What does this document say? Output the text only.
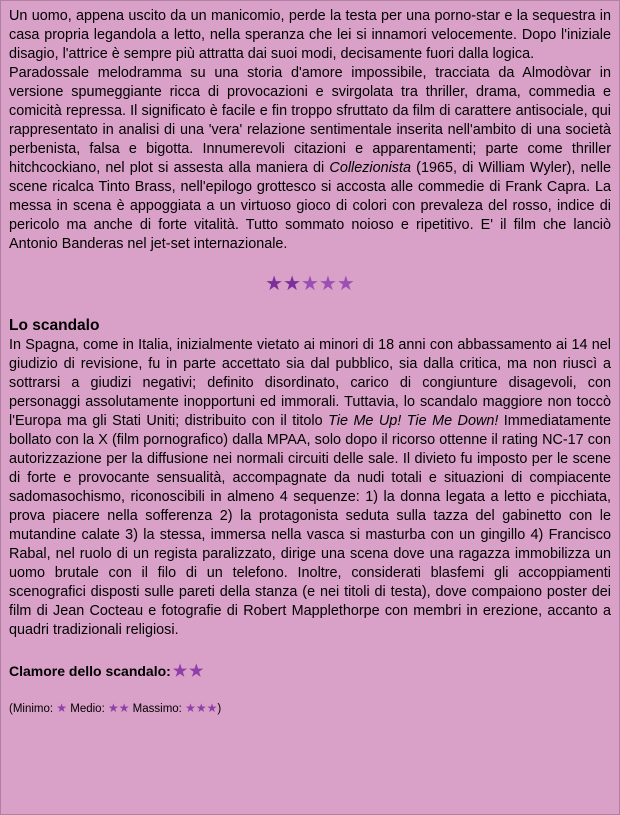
Un uomo, appena uscito da un manicomio, perde la testa per una porno-star e la sequestra in casa propria legandola a letto, nella speranza che lei si innamori velocemente. Dopo l'iniziale disagio, l'attrice è sempre più attratta dai suoi modi, decisamente fuori dalla logica.

Paradossale melodramma su una storia d'amore impossibile, tracciata da Almodòvar in versione spumeggiante ricca di provocazioni e svirgolata tra thriller, drama, commedia e comicità repressa. Il significato è facile e fin troppo sfruttato da film di carattere antisociale, qui rappresentato in analisi di una 'vera' relazione sentimentale inserita nell'ambito di una società perbenista, falsa e bigotta. Innumerevoli citazioni e apparentamenti; parte come thriller hitchcockiano, nel plot si assesta alla maniera di Collezionista (1965, di William Wyler), nelle scene ricalca Tinto Brass, nell'epilogo grottesco si accosta alle commedie di Frank Capra. La messa in scena è appoggiata a un virtuoso gioco di colori con prevaleza del rosso, indice di pericolo ma anche di forte vitalità. Tutto sommato noioso e ripetitivo. E' il film che lanciò Antonio Banderas nel jet-set internazionale.

★★★★★
Lo scandalo

In Spagna, come in Italia, inizialmente vietato ai minori di 18 anni con abbassamento ai 14 nel giudizio di revisione, fu in parte accettato sia dal pubblico, sia dalla critica, ma non riuscì a sottrarsi a giudizi negativi; definito disordinato, carico di congiunture disagevoli, con personaggi assolutamente inopportuni ed immorali. Tuttavia, lo scandalo maggiore non toccò l'Europa ma gli Stati Uniti; distribuito con il titolo Tie Me Up! Tie Me Down! Immediatamente bollato con la X (film pornografico) dalla MPAA, solo dopo il ricorso ottenne il rating NC-17 con autorizzazione per la diffusione nei normali circuiti delle sale. Il divieto fu imposto per le scene di forte e provocante sensualità, accompagnate da nudi totali e situazioni di compiacente sadomasochismo, riconoscibili in almeno 4 sequenze: 1) la donna legata a letto e picchiata, prova piacere nella sofferenza 2) la protagonista seduta sulla tazza del gabinetto con le mutandine calate 3) la stessa, immersa nella vasca si masturba con un gingillo 4) Francisco Rabal, nel ruolo di un regista paralizzato, dirige una scena dove una ragazza immobilizza un uomo brutale con il filo di un telefono. Inoltre, considerati blasfemi gli accoppiamenti scenografici disposti sulle pareti della stanza (e nei titoli di testa), dove compaiono poster dei film di Jean Cocteau e fotografie di Robert Mapplethorpe con membri in erezione, accanto a quadri tradizionali religiosi.

Clamore dello scandalo: ★ ★
(Minimo: ★ Medio: ★★ Massimo: ★★★)
